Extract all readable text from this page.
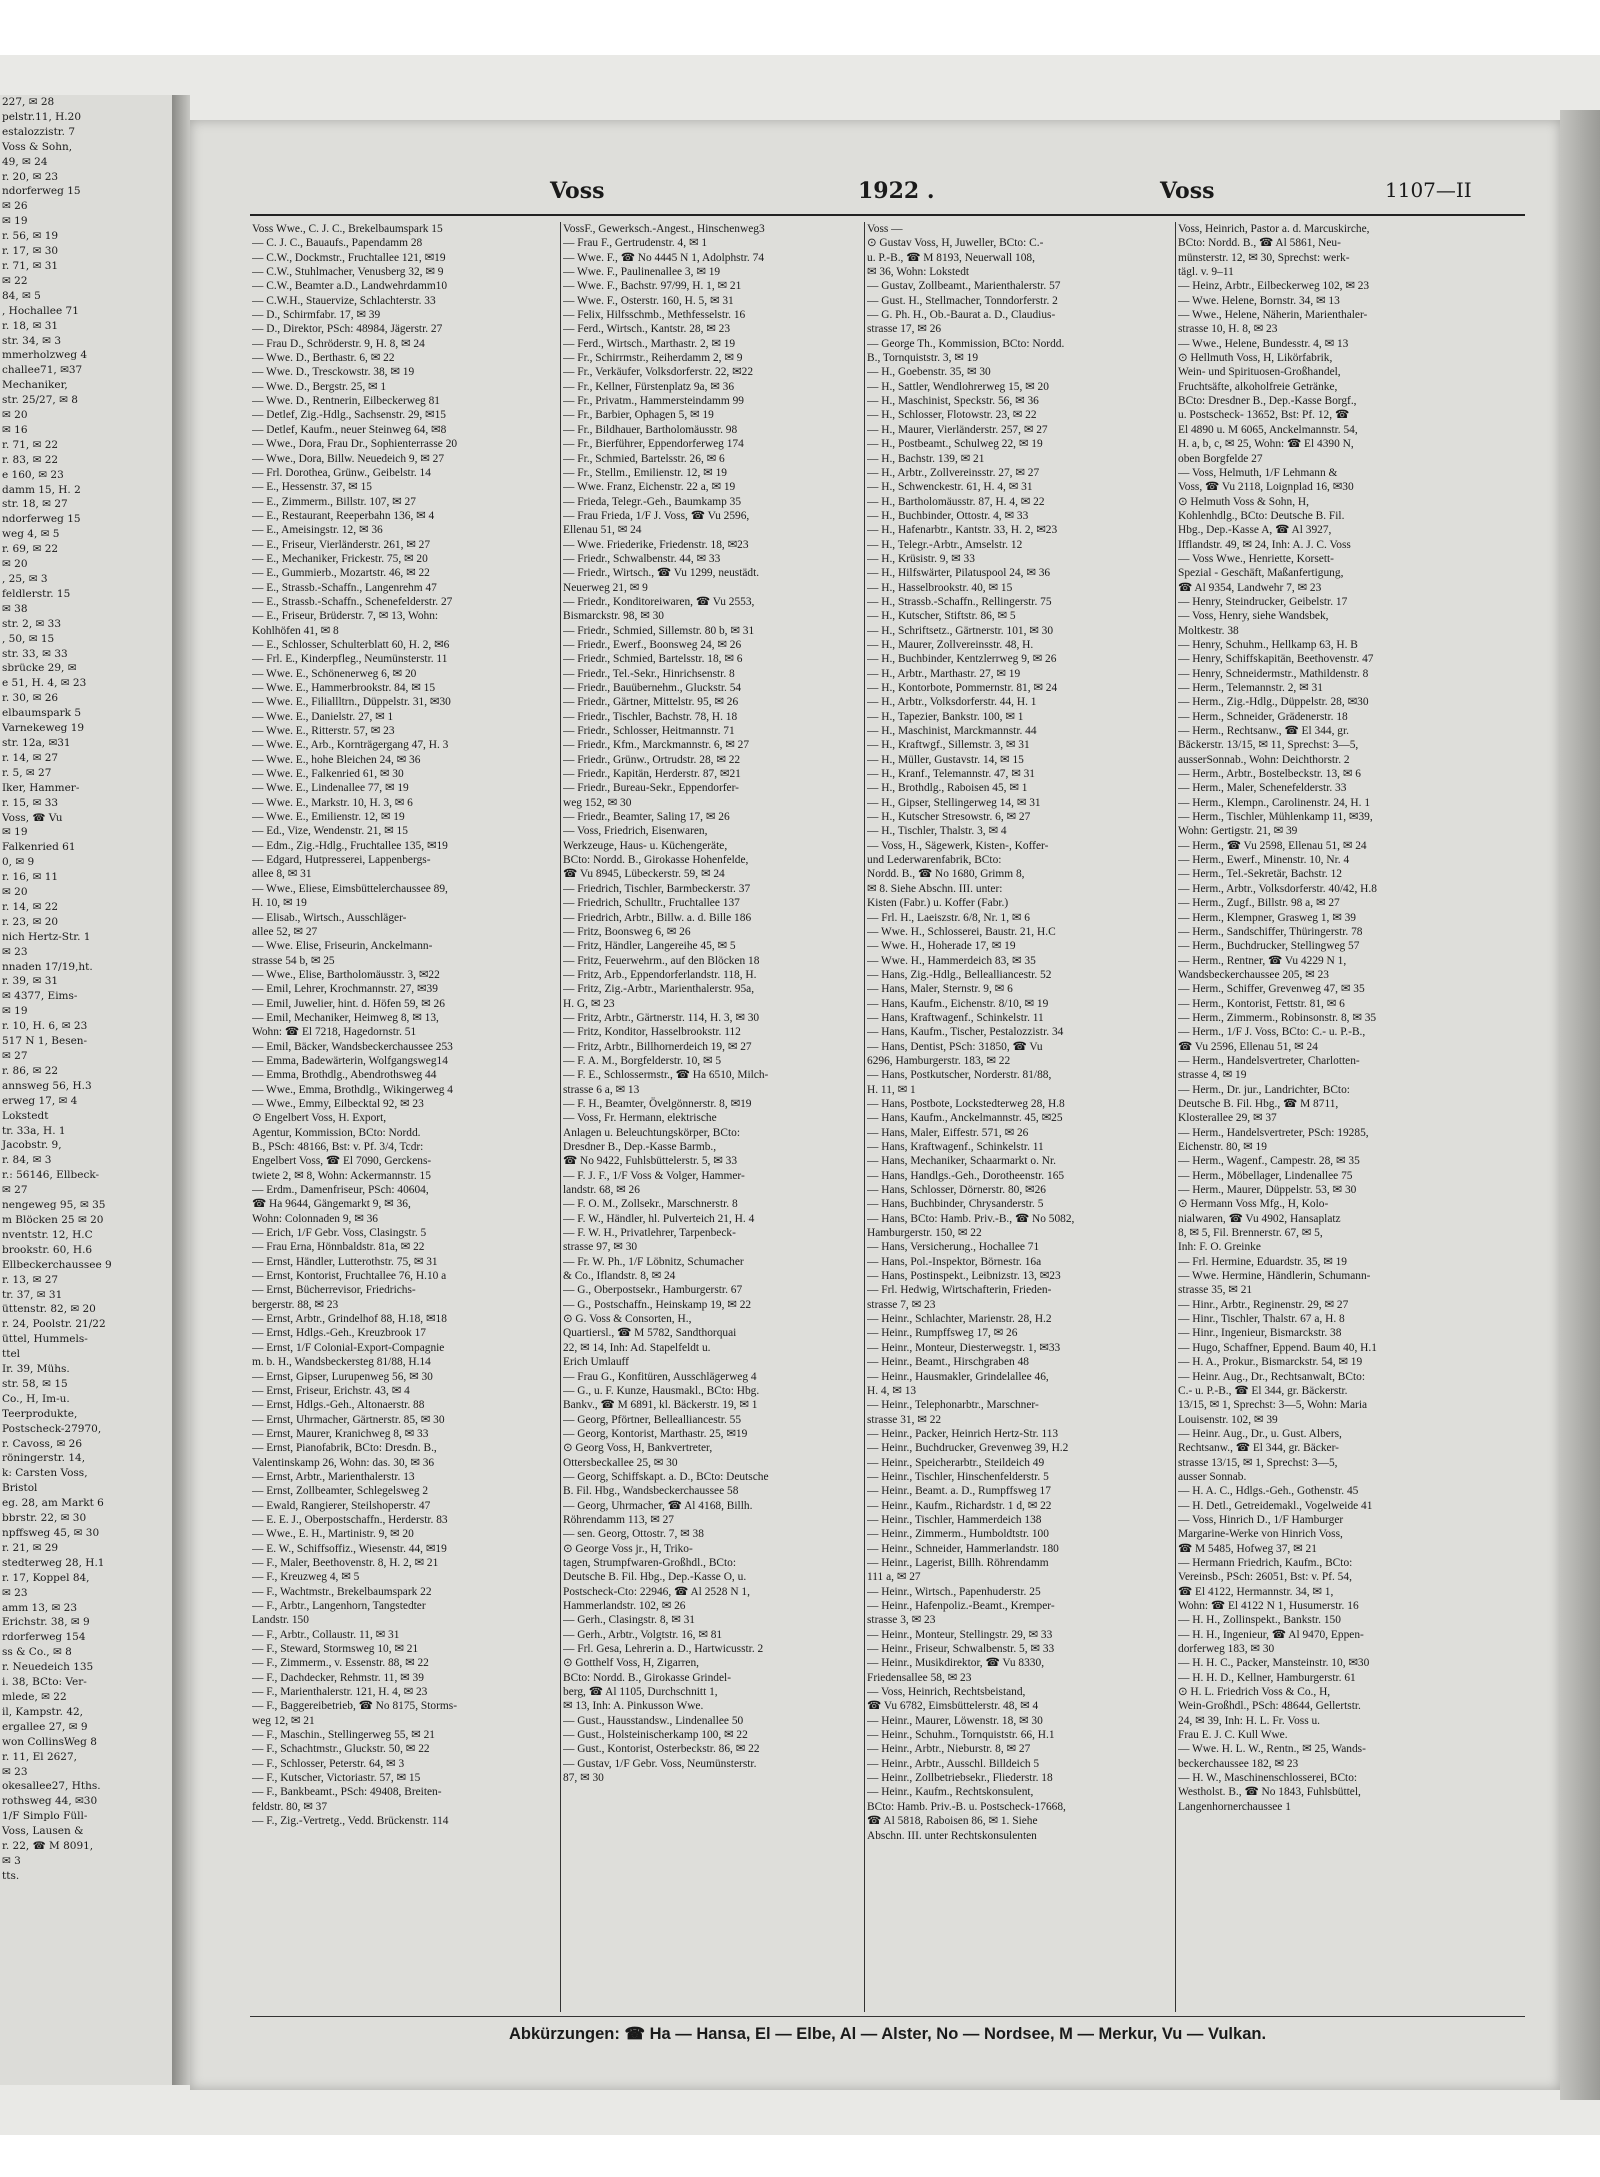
227, ✉ 28
pelstr.11, H.20
estalozzistr. 7
Voss & Sohn,
49, ✉ 24
r. 20, ✉ 23
ndorferweg 15
✉ 26
✉ 19
r. 56, ✉ 19
r. 17, ✉ 30
r. 71, ✉ 31
✉ 22
84, ✉ 5
, Hochallee 71
r. 18, ✉ 31
str. 34, ✉ 3
mmerholzweg 4
challee71, ✉37
Mechaniker,
str. 25/27, ✉ 8
✉ 20
✉ 16
r. 71, ✉ 22
r. 83, ✉ 22
e 160, ✉ 23
damm 15, H. 2
str. 18, ✉ 27
ndorferweg 15
weg 4, ✉ 5
r. 69, ✉ 22
✉ 20
, 25, ✉ 3
feldlerstr. 15
✉ 38
str. 2, ✉ 33
, 50, ✉ 15
str. 33, ✉ 33
sbrücke 29, ✉
e 51, H. 4, ✉ 23
r. 30, ✉ 26
elbaumspark 5
Varnekeweg 19
str. 12a, ✉31
r. 14, ✉ 27
r. 5, ✉ 27
Iker, Hammer-
r. 15, ✉ 33
Voss, ☎ Vu
✉ 19
Falkenried 61
0, ✉ 9
r. 16, ✉ 11
✉ 20
r. 14, ✉ 22
r. 23, ✉ 20
nich Hertz-Str. 1
✉ 23
nnaden 17/19,ht.
r. 39, ✉ 31
✉ 4377, Eims-
✉ 19
r. 10, H. 6, ✉ 23
517 N 1, Besen-
✉ 27
r. 86, ✉ 22
annsweg 56, H.3
erweg 17, ✉ 4
Lokstedt
tr. 33a, H. 1
Jacobstr. 9,
r. 84, ✉ 3
r.: 56146, Ellbeck-
✉ 27
nengeweg 95, ✉ 35
m Blöcken 25 ✉ 20
nventstr. 12, H.C
brookstr. 60, H.6
Ellbeckerchaussee 9
r. 13, ✉ 27
tr. 37, ✉ 31
üttenstr. 82, ✉ 20
r. 24, Poolstr. 21/22
üttel, Hummels-
ttel
Ir. 39, Mühs.
str. 58, ✉ 15
Co., H, Im-u.
Teerprodukte,
Postscheck-27970,
r. Cavoss, ✉ 26
röningerstr. 14,
k: Carsten Voss,
Bristol
eg. 28, am Markt 6
bbrstr. 22, ✉ 30
npffsweg 45, ✉ 30
r. 21, ✉ 29
stedterweg 28, H.1
r. 17, Koppel 84,
✉ 23
amm 13, ✉ 23
Erichstr. 38, ✉ 9
rdorferweg 154
ss & Co., ✉ 8
r. Neuedeich 135
i. 38, BCto: Ver-
mlede, ✉ 22
il, Kampstr. 42,
ergallee 27, ✉ 9
won CollinsWeg 8
r. 11, El 2627,
✉ 23
okesallee27, Hths.
rothsweg 44, ✉30
1/F Simplo Füll-
Voss, Lausen &
r. 22, ☎ M 8091,
✉ 3
tts.
Voss	1922 .	Voss	1107—II
Voss Wwe., C. J. C., Brekelbaumspark 15
— C. J. C., Bauaufs., Papendamm 28
— C.W., Dockmstr., Fruchtallee 121, ✉19
— C.W., Stuhlmacher, Venusberg 32, ✉ 9
— C.W., Beamter a.D., Landwehrdamm10
— C.W.H., Stauervize, Schlachterstr. 33
— D., Schirmfabr. 17, ✉ 39
— D., Direktor, PSch: 48984, Jägerstr. 27
— Frau D., Schröderstr. 9, H. 8, ✉ 24
— Wwe. D., Berthastr. 6, ✉ 22
— Wwe. D., Tresckowstr. 38, ✉ 19
— Wwe. D., Bergstr. 25, ✉ 1
— Wwe. D., Rentnerin, Eilbeckerweg 81
— Detlef, Zig.-Hdlg., Sachsenstr. 29, ✉15
— Detlef, Kaufm., neuer Steinweg 64, ✉8
— Wwe., Dora, Frau Dr., Sophienterrasse 20
— Wwe., Dora, Billw. Neuedeich 9, ✉ 27
— Frl. Dorothea, Grünw., Geibelstr. 14
— E., Hessenstr. 37, ✉ 15
— E., Zimmerm., Billstr. 107, ✉ 27
— E., Restaurant, Reeperbahn 136, ✉ 4
— E., Ameisingstr. 12, ✉ 36
— E., Friseur, Vierländerstr. 261, ✉ 27
— E., Mechaniker, Frickestr. 75, ✉ 20
— E., Gummierb., Mozartstr. 46, ✉ 22
— E., Strassb.-Schaffn., Langenrehm 47
— E., Strassb.-Schaffn., Schenefelderstr. 27
— E., Friseur, Brüderstr. 7, ✉ 13, Wohn:
Kohlhöfen 41, ✉ 8
— E., Schlosser, Schulterblatt 60, H. 2, ✉6
— Frl. E., Kinderpfleg., Neumünsterstr. 11
— Wwe. E., Schönenerweg 6, ✉ 20
— Wwe. E., Hammerbrookstr. 84, ✉ 15
— Wwe. E., Filiallltrn., Düppelstr. 31, ✉30
— Wwe. E., Danielstr. 27, ✉ 1
— Wwe. E., Ritterstr. 57, ✉ 23
— Wwe. E., Arb., Kornträgergang 47, H. 3
— Wwe. E., hohe Bleichen 24, ✉ 36
— Wwe. E., Falkenried 61, ✉ 30
— Wwe. E., Lindenallee 77, ✉ 19
— Wwe. E., Markstr. 10, H. 3, ✉ 6
— Wwe. E., Emilienstr. 12, ✉ 19
— Ed., Vize, Wendenstr. 21, ✉ 15
— Edm., Zig.-Hdlg., Fruchtallee 135, ✉19
— Edgard, Hutpresserei, Lappenbergs-
allee 8, ✉ 31
— Wwe., Eliese, Eimsbüttelerchaussee 89,
H. 10, ✉ 19
— Elisab., Wirtsch., Ausschläger-
allee 52, ✉ 27
— Wwe. Elise, Friseurin, Anckelmann-
strasse 54 b, ✉ 25
— Wwe., Elise, Bartholomäusstr. 3, ✉22
— Emil, Lehrer, Krochmannstr. 27, ✉39
— Emil, Juwelier, hint. d. Höfen 59, ✉ 26
— Emil, Mechaniker, Heimweg 8, ✉ 13,
Wohn: ☎ El 7218, Hagedornstr. 51
— Emil, Bäcker, Wandsbeckerchaussee 253
— Emma, Badewärterin, Wolfgangsweg14
— Emma, Brothdlg., Abendrothsweg 44
— Wwe., Emma, Brothdlg., Wikingerweg 4
— Wwe., Emmy, Eilbecktal 92, ✉ 23
⊙ Engelbert Voss, H. Export,
Agentur, Kommission, BCto: Nordd.
B., PSch: 48166, Bst: v. Pf. 3/4, Tcdr:
Engelbert Voss, ☎ El 7090, Gerckens-
twiete 2, ✉ 8, Wohn: Ackermannstr. 15
— Erdm., Damenfriseur, PSch: 40604,
☎ Ha 9644, Gängemarkt 9, ✉ 36,
Wohn: Colonnaden 9, ✉ 36
— Erich, 1/F Gebr. Voss, Clasingstr. 5
— Frau Erna, Hönnbaldstr. 81a, ✉ 22
— Ernst, Händler, Lutterothstr. 75, ✉ 31
— Ernst, Kontorist, Fruchtallee 76, H.10 a
— Ernst, Bücherrevisor, Friedrichs-
bergerstr. 88, ✉ 23
— Ernst, Arbtr., Grindelhof 88, H.18, ✉18
— Ernst, Hdlgs.-Geh., Kreuzbrook 17
— Ernst, 1/F Colonial-Export-Compagnie
m. b. H., Wandsbeckersteg 81/88, H.14
— Ernst, Gipser, Lurupenweg 56, ✉ 30
— Ernst, Friseur, Erichstr. 43, ✉ 4
— Ernst, Hdlgs.-Geh., Altonaerstr. 88
— Ernst, Uhrmacher, Gärtnerstr. 85, ✉ 30
— Ernst, Maurer, Kranichweg 8, ✉ 33
— Ernst, Pianofabrik, BCto: Dresdn. B.,
Valentinskamp 26, Wohn: das. 30, ✉ 36
— Ernst, Arbtr., Marienthalerstr. 13
— Ernst, Zollbeamter, Schlegelsweg 2
— Ewald, Rangierer, Steilshoperstr. 47
— E. E. J., Oberpostschaffn., Herderstr. 83
— Wwe., E. H., Martinistr. 9, ✉ 20
— E. W., Schiffsoffiz., Wiesenstr. 44, ✉19
— F., Maler, Beethovenstr. 8, H. 2, ✉ 21
— F., Kreuzweg 4, ✉ 5
— F., Wachtmstr., Brekelbaumspark 22
— F., Arbtr., Langenhorn, Tangstedter
Landstr. 150
— F., Arbtr., Collaustr. 11, ✉ 31
— F., Steward, Stormsweg 10, ✉ 21
— F., Zimmerm., v. Essenstr. 88, ✉ 22
— F., Dachdecker, Rehmstr. 11, ✉ 39
— F., Marienthalerstr. 121, H. 4, ✉ 23
— F., Baggereibetrieb, ☎ No 8175, Storms-
weg 12, ✉ 21
— F., Maschin., Stellingerweg 55, ✉ 21
— F., Schachtmstr., Gluckstr. 50, ✉ 22
— F., Schlosser, Peterstr. 64, ✉ 3
— F., Kutscher, Victoriastr. 57, ✉ 15
— F., Bankbeamt., PSch: 49408, Breiten-
feldstr. 80, ✉ 37
— F., Zig.-Vertretg., Vedd. Brückenstr. 114
VossF., Gewerksch.-Angest., Hinschenweg3
— Frau F., Gertrudenstr. 4, ✉ 1
— Wwe. F., ☎ No 4445 N 1, Adolphstr. 74
— Wwe. F., Paulinenallee 3, ✉ 19
— Wwe. F., Bachstr. 97/99, H. 1, ✉ 21
— Wwe. F., Osterstr. 160, H. 5, ✉ 31
— Felix, Hilfsschmb., Methfesselstr. 16
— Ferd., Wirtsch., Kantstr. 28, ✉ 23
— Ferd., Wirtsch., Marthastr. 2, ✉ 19
— Fr., Schirrmstr., Reiherdamm 2, ✉ 9
— Fr., Verkäufer, Volksdorferstr. 22, ✉22
— Fr., Kellner, Fürstenplatz 9a, ✉ 36
— Fr., Privatm., Hammersteindamm 99
— Fr., Barbier, Ophagen 5, ✉ 19
— Fr., Bildhauer, Bartholomäusstr. 98
— Fr., Bierführer, Eppendorferweg 174
— Fr., Schmied, Bartelsstr. 26, ✉ 6
— Fr., Stellm., Emilienstr. 12, ✉ 19
— Wwe. Franz, Eichenstr. 22 a, ✉ 19
— Frieda, Telegr.-Geh., Baumkamp 35
— Frau Frieda, 1/F J. Voss, ☎ Vu 2596,
Ellenau 51, ✉ 24
— Wwe. Friederike, Friedenstr. 18, ✉23
— Friedr., Schwalbenstr. 44, ✉ 33
— Friedr., Wirtsch., ☎ Vu 1299, neustädt.
Neuerweg 21, ✉ 9
— Friedr., Konditoreiwaren, ☎ Vu 2553,
Bismarckstr. 98, ✉ 30
— Friedr., Schmied, Sillemstr. 80 b, ✉ 31
— Friedr., Ewerf., Boonsweg 24, ✉ 26
— Friedr., Schmied, Bartelsstr. 18, ✉ 6
— Friedr., Tel.-Sekr., Hinrichsenstr. 8
— Friedr., Bauübernehm., Gluckstr. 54
— Friedr., Gärtner, Mittelstr. 95, ✉ 26
— Friedr., Tischler, Bachstr. 78, H. 18
— Friedr., Schlosser, Heitmannstr. 71
— Friedr., Kfm., Marckmannstr. 6, ✉ 27
— Friedr., Grünw., Ortrudstr. 28, ✉ 22
— Friedr., Kapitän, Herderstr. 87, ✉21
— Friedr., Bureau-Sekr., Eppendorfer-
weg 152, ✉ 30
— Friedr., Beamter, Saling 17, ✉ 26
— Voss, Friedrich, Eisenwaren,
Werkzeuge, Haus- u. Küchengeräte,
BCto: Nordd. B., Girokasse Hohenfelde,
☎ Vu 8945, Lübeckerstr. 59, ✉ 24
— Friedrich, Tischler, Barmbeckerstr. 37
— Friedrich, Schulltr., Fruchtallee 137
— Friedrich, Arbtr., Billw. a. d. Bille 186
— Fritz, Boonsweg 6, ✉ 26
— Fritz, Händler, Langereihe 45, ✉ 5
— Fritz, Feuerwehrm., auf den Blöcken 18
— Fritz, Arb., Eppendorferlandstr. 118, H.
— Fritz, Zig.-Arbtr., Marienthalerstr. 95a,
H. G, ✉ 23
— Fritz, Arbtr., Gärtnerstr. 114, H. 3, ✉ 30
— Fritz, Konditor, Hasselbrookstr. 112
— Fritz, Arbtr., Billhornerdeich 19, ✉ 27
— F. A. M., Borgfelderstr. 10, ✉ 5
— F. E., Schlossermstr., ☎ Ha 6510, Milch-
strasse 6 a, ✉ 13
— F. H., Beamter, Övelgönnerstr. 8, ✉19
— Voss, Fr. Hermann, elektrische
Anlagen u. Beleuchtungskörper, BCto:
Dresdner B., Dep.-Kasse Barmb.,
☎ No 9422, Fuhlsbüttelerstr. 5, ✉ 33
— F. J. F., 1/F Voss & Volger, Hammer-
landstr. 68, ✉ 26
— F. O. M., Zollsekr., Marschnerstr. 8
— F. W., Händler, hl. Pulverteich 21, H. 4
— F. W. H., Privatlehrer, Tarpenbeck-
strasse 97, ✉ 30
— Fr. W. Ph., 1/F Löbnitz, Schumacher
& Co., Iflandstr. 8, ✉ 24
— G., Oberpostsekr., Hamburgerstr. 67
— G., Postschaffn., Heinskamp 19, ✉ 22
⊙ G. Voss & Consorten, H.,
Quartiersl., ☎ M 5782, Sandthorquai
22, ✉ 14, Inh: Ad. Stapelfeldt u.
Erich Umlauff
— Frau G., Konfitüren, Ausschlägerweg 4
— G., u. F. Kunze, Hausmakl., BCto: Hbg.
Bankv., ☎ M 6891, kl. Bäckerstr. 19, ✉ 1
— Georg, Pförtner, Bellealliancestr. 55
— Georg, Kontorist, Marthastr. 25, ✉19
⊙ Georg Voss, H, Bankvertreter,
Ottersbeckallee 25, ✉ 30
— Georg, Schiffskapt. a. D., BCto: Deutsche
B. Fil. Hbg., Wandsbeckerchaussee 58
— Georg, Uhrmacher, ☎ Al 4168, Billh.
Röhrendamm 113, ✉ 27
— sen. Georg, Ottostr. 7, ✉ 38
⊙ George Voss jr., H, Triko-
tagen, Strumpfwaren-Großhdl., BCto:
Deutsche B. Fil. Hbg., Dep.-Kasse O, u.
Postscheck-Cto: 22946, ☎ Al 2528 N 1,
Hammerlandstr. 102, ✉ 26
— Gerh., Clasingstr. 8, ✉ 31
— Gerh., Arbtr., Volgtstr. 16, ✉ 81
— Frl. Gesa, Lehrerin a. D., Hartwicusstr. 2
⊙ Gotthelf Voss, H, Zigarren,
BCto: Nordd. B., Girokasse Grindel-
berg, ☎ Al 1105, Durchschnitt 1,
✉ 13, Inh: A. Pinkusson Wwe.
— Gust., Hausstandsw., Lindenallee 50
— Gust., Holsteinischerkamp 100, ✉ 22
— Gust., Kontorist, Osterbeckstr. 86, ✉ 22
— Gustav, 1/F Gebr. Voss, Neumünsterstr.
87, ✉ 30
Voss —
⊙ Gustav Voss, H, Juweller, BCto: C.-
u. P.-B., ☎ M 8193, Neuerwall 108,
✉ 36, Wohn: Lokstedt
— Gustav, Zollbeamt., Marienthalerstr. 57
— Gust. H., Stellmacher, Tonndorferstr. 2
— G. Ph. H., Ob.-Baurat a. D., Claudius-
strasse 17, ✉ 26
— George Th., Kommission, BCto: Nordd.
B., Tornquiststr. 3, ✉ 19
— H., Goebenstr. 35, ✉ 30
— H., Sattler, Wendlohrerweg 15, ✉ 20
— H., Maschinist, Speckstr. 56, ✉ 36
— H., Schlosser, Flotowstr. 23, ✉ 22
— H., Maurer, Vierländerstr. 257, ✉ 27
— H., Postbeamt., Schulweg 22, ✉ 19
— H., Bachstr. 139, ✉ 21
— H., Arbtr., Zollvereinsstr. 27, ✉ 27
— H., Schwenckestr. 61, H. 4, ✉ 31
— H., Bartholomäusstr. 87, H. 4, ✉ 22
— H., Buchbinder, Ottostr. 4, ✉ 33
— H., Hafenarbtr., Kantstr. 33, H. 2, ✉23
— H., Telegr.-Arbtr., Amselstr. 12
— H., Krüsistr. 9, ✉ 33
— H., Hilfswärter, Pilatuspool 24, ✉ 36
— H., Hasselbrookstr. 40, ✉ 15
— H., Strassb.-Schaffn., Rellingerstr. 75
— H., Kutscher, Stiftstr. 86, ✉ 5
— H., Schriftsetz., Gärtnerstr. 101, ✉ 30
— H., Maurer, Zollvereinsstr. 48, H.
— H., Buchbinder, Kentzlerrweg 9, ✉ 26
— H., Arbtr., Marthastr. 27, ✉ 19
— H., Kontorbote, Pommernstr. 81, ✉ 24
— H., Arbtr., Volksdorferstr. 44, H. 1
— H., Tapezier, Bankstr. 100, ✉ 1
— H., Maschinist, Marckmannstr. 44
— H., Kraftwgf., Sillemstr. 3, ✉ 31
— H., Müller, Gustavstr. 14, ✉ 15
— H., Kranf., Telemannstr. 47, ✉ 31
— H., Brothdlg., Raboisen 45, ✉ 1
— H., Gipser, Stellingerweg 14, ✉ 31
— H., Kutscher Stresowstr. 6, ✉ 27
— H., Tischler, Thalstr. 3, ✉ 4
— Voss, H., Sägewerk, Kisten-, Koffer-
und Lederwarenfabrik, BCto:
Nordd. B., ☎ No 1680, Grimm 8,
✉ 8. Siehe Abschn. III. unter:
Kisten (Fabr.) u. Koffer (Fabr.)
— Frl. H., Laeiszstr. 6/8, Nr. 1, ✉ 6
— Wwe. H., Schlosserei, Baustr. 21, H.C
— Wwe. H., Hoherade 17, ✉ 19
— Wwe. H., Hammerdeich 83, ✉ 35
— Hans, Zig.-Hdlg., Bellealliancestr. 52
— Hans, Maler, Sternstr. 9, ✉ 6
— Hans, Kaufm., Eichenstr. 8/10, ✉ 19
— Hans, Kraftwagenf., Schinkelstr. 11
— Hans, Kaufm., Tischer, Pestalozzistr. 34
— Hans, Dentist, PSch: 31850, ☎ Vu
6296, Hamburgerstr. 183, ✉ 22
— Hans, Postkutscher, Norderstr. 81/88,
H. 11, ✉ 1
— Hans, Postbote, Lockstedterweg 28, H.8
— Hans, Kaufm., Anckelmannstr. 45, ✉25
— Hans, Maler, Eiffestr. 571, ✉ 26
— Hans, Kraftwagenf., Schinkelstr. 11
— Hans, Mechaniker, Schaarmarkt o. Nr.
— Hans, Handlgs.-Geh., Dorotheenstr. 165
— Hans, Schlosser, Dörnerstr. 80, ✉26
— Hans, Buchbinder, Chrysanderstr. 5
— Hans, BCto: Hamb. Priv.-B., ☎ No 5082,
Hamburgerstr. 150, ✉ 22
— Hans, Versicherung., Hochallee 71
— Hans, Pol.-Inspektor, Börnestr. 16a
— Hans, Postinspekt., Leibnizstr. 13, ✉23
— Frl. Hedwig, Wirtschafterin, Frieden-
strasse 7, ✉ 23
— Heinr., Schlachter, Marienstr. 28, H.2
— Heinr., Rumpffsweg 17, ✉ 26
— Heinr., Monteur, Diesterwegstr. 1, ✉33
— Heinr., Beamt., Hirschgraben 48
— Heinr., Hausmakler, Grindelallee 46,
H. 4, ✉ 13
— Heinr., Telephonarbtr., Marschner-
strasse 31, ✉ 22
— Heinr., Packer, Heinrich Hertz-Str. 113
— Heinr., Buchdrucker, Grevenweg 39, H.2
— Heinr., Speicherarbtr., Steildeich 49
— Heinr., Tischler, Hinschenfelderstr. 5
— Heinr., Beamt. a. D., Rumpffsweg 17
— Heinr., Kaufm., Richardstr. 1 d, ✉ 22
— Heinr., Tischler, Hammerdeich 138
— Heinr., Zimmerm., Humboldtstr. 100
— Heinr., Schneider, Hammerlandstr. 180
— Heinr., Lagerist, Billh. Röhrendamm
111 a, ✉ 27
— Heinr., Wirtsch., Papenhuderstr. 25
— Heinr., Hafenpoliz.-Beamt., Kremper-
strasse 3, ✉ 23
— Heinr., Monteur, Stellingstr. 29, ✉ 33
— Heinr., Friseur, Schwalbenstr. 5, ✉ 33
— Heinr., Musikdirektor, ☎ Vu 8330,
Friedensallee 58, ✉ 23
— Voss, Heinrich, Rechtsbeistand,
☎ Vu 6782, Eimsbüttelerstr. 48, ✉ 4
— Heinr., Maurer, Löwenstr. 18, ✉ 30
— Heinr., Schuhm., Tornquiststr. 66, H.1
— Heinr., Arbtr., Nieburstr. 8, ✉ 27
— Heinr., Arbtr., Ausschl. Billdeich 5
— Heinr., Zollbetriebsekr., Fliederstr. 18
— Heinr., Kaufm., Rechtskonsulent,
BCto: Hamb. Priv.-B. u. Postscheck-17668,
☎ Al 5818, Raboisen 86, ✉ 1. Siehe
Abschn. III. unter Rechtskonsulenten
Voss, Heinrich, Pastor a. d. Marcuskirche,
BCto: Nordd. B., ☎ Al 5861, Neu-
münsterstr. 12, ✉ 30, Sprechst: werk-
tägl. v. 9–11
— Heinz, Arbtr., Eilbeckerweg 102, ✉ 23
— Wwe. Helene, Bornstr. 34, ✉ 13
— Wwe., Helene, Näherin, Marienthaler-
strasse 10, H. 8, ✉ 23
— Wwe., Helene, Bundesstr. 4, ✉ 13
⊙ Hellmuth Voss, H, Likörfabrik,
Wein- und Spirituosen-Großhandel,
Fruchtsäfte, alkoholfreie Getränke,
BCto: Dresdner B., Dep.-Kasse Borgf.,
u. Postscheck- 13652, Bst: Pf. 12, ☎
El 4890 u. M 6065, Anckelmannstr. 54,
H. a, b, c, ✉ 25, Wohn: ☎ El 4390 N,
oben Borgfelde 27
— Voss, Helmuth, 1/F Lehmann &
Voss, ☎ Vu 2118, Loignplad 16, ✉30
⊙ Helmuth Voss & Sohn, H,
Kohlenhdlg., BCto: Deutsche B. Fil.
Hbg., Dep.-Kasse A, ☎ Al 3927,
Ifflandstr. 49, ✉ 24, Inh: A. J. C. Voss
— Voss Wwe., Henriette, Korsett-
Spezial - Geschäft, Maßanfertigung,
☎ Al 9354, Landwehr 7, ✉ 23
— Henry, Steindrucker, Geibelstr. 17
— Voss, Henry, siehe Wandsbek,
Moltkestr. 38
— Henry, Schuhm., Hellkamp 63, H. B
— Henry, Schiffskapitän, Beethovenstr. 47
— Henry, Schneidermstr., Mathildenstr. 8
— Herm., Telemannstr. 2, ✉ 31
— Herm., Zig.-Hdlg., Düppelstr. 28, ✉30
— Herm., Schneider, Grädenerstr. 18
— Herm., Rechtsanw., ☎ El 344, gr.
Bäckerstr. 13/15, ✉ 11, Sprechst: 3—5,
ausserSonnab., Wohn: Deichthorstr. 2
— Herm., Arbtr., Bostelbeckstr. 13, ✉ 6
— Herm., Maler, Schenefelderstr. 33
— Herm., Klempn., Carolinenstr. 24, H. 1
— Herm., Tischler, Mühlenkamp 11, ✉39,
Wohn: Gertigstr. 21, ✉ 39
— Herm., ☎ Vu 2598, Ellenau 51, ✉ 24
— Herm., Ewerf., Minenstr. 10, Nr. 4
— Herm., Tel.-Sekretär, Bachstr. 12
— Herm., Arbtr., Volksdorferstr. 40/42, H.8
— Herm., Zugf., Billstr. 98 a, ✉ 27
— Herm., Klempner, Grasweg 1, ✉ 39
— Herm., Sandschiffer, Thüringerstr. 78
— Herm., Buchdrucker, Stellingweg 57
— Herm., Rentner, ☎ Vu 4229 N 1,
Wandsbeckerchaussee 205, ✉ 23
— Herm., Schiffer, Grevenweg 47, ✉ 35
— Herm., Kontorist, Fettstr. 81, ✉ 6
— Herm., Zimmerm., Robinsonstr. 8, ✉ 35
— Herm., 1/F J. Voss, BCto: C.- u. P.-B.,
☎ Vu 2596, Ellenau 51, ✉ 24
— Herm., Handelsvertreter, Charlotten-
strasse 4, ✉ 19
— Herm., Dr. jur., Landrichter, BCto:
Deutsche B. Fil. Hbg., ☎ M 8711,
Klosterallee 29, ✉ 37
— Herm., Handelsvertreter, PSch: 19285,
Eichenstr. 80, ✉ 19
— Herm., Wagenf., Campestr. 28, ✉ 35
— Herm., Möbellager, Lindenallee 75
— Herm., Maurer, Düppelstr. 53, ✉ 30
⊙ Hermann Voss Mfg., H, Kolo-
nialwaren, ☎ Vu 4902, Hansaplatz
8, ✉ 5, Fil. Brennerstr. 67, ✉ 5,
Inh: F. O. Greinke
— Frl. Hermine, Eduardstr. 35, ✉ 19
— Wwe. Hermine, Händlerin, Schumann-
strasse 35, ✉ 21
— Hinr., Arbtr., Reginenstr. 29, ✉ 27
— Hinr., Tischler, Thalstr. 67 a, H. 8
— Hinr., Ingenieur, Bismarckstr. 38
— Hugo, Schaffner, Eppend. Baum 40, H.1
— H. A., Prokur., Bismarckstr. 54, ✉ 19
— Heinr. Aug., Dr., Rechtsanwalt, BCto:
C.- u. P.-B., ☎ El 344, gr. Bäckerstr.
13/15, ✉ 1, Sprechst: 3—5, Wohn: Maria
Louisenstr. 102, ✉ 39
— Heinr. Aug., Dr., u. Gust. Albers,
Rechtsanw., ☎ El 344, gr. Bäcker-
strasse 13/15, ✉ 1, Sprechst: 3—5,
ausser Sonnab.
— H. A. C., Hdlgs.-Geh., Gothenstr. 45
— H. Detl., Getreidemakl., Vogelweide 41
— Voss, Hinrich D., 1/F Hamburger
Margarine-Werke von Hinrich Voss,
☎ M 5485, Hofweg 37, ✉ 21
— Hermann Friedrich, Kaufm., BCto:
Vereinsb., PSch: 26051, Bst: v. Pf. 54,
☎ El 4122, Hermannstr. 34, ✉ 1,
Wohn: ☎ El 4122 N 1, Husumerstr. 16
— H. H., Zollinspekt., Bankstr. 150
— H. H., Ingenieur, ☎ Al 9470, Eppen-
dorferweg 183, ✉ 30
— H. H. C., Packer, Mansteinstr. 10, ✉30
— H. H. D., Kellner, Hamburgerstr. 61
⊙ H. L. Friedrich Voss & Co., H,
Wein-Großhdl., PSch: 48644, Gellertstr.
24, ✉ 39, Inh: H. L. Fr. Voss u.
Frau E. J. C. Kull Wwe.
— Wwe. H. L. W., Rentn., ✉ 25, Wands-
beckerchaussee 182, ✉ 23
— H. W., Maschinenschlosserei, BCto:
Westholst. B., ☎ No 1843, Fuhlsbüttel,
Langenhornerchaussee 1
Abkürzungen: ☎ Ha — Hansa, El — Elbe, Al — Alster, No — Nordsee, M — Merkur, Vu — Vulkan.
